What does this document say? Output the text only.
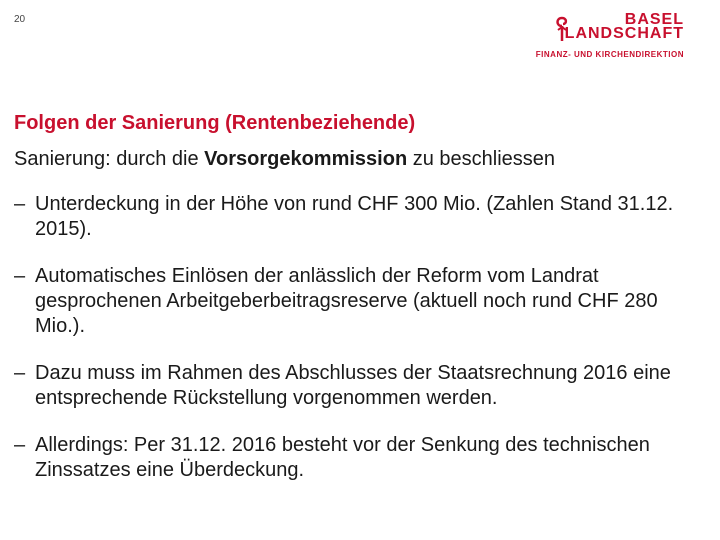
20	BASEL
LANDSCHAFT
FINANZ- UND KIRCHENDIREKTION
Folgen der Sanierung (Rentenbeziehende)
Sanierung: durch die Vorsorgekommission zu beschliessen
– Unterdeckung in der Höhe von rund CHF 300 Mio. (Zahlen Stand 31.12. 2015).
– Automatisches Einlösen der anlässlich der Reform vom Landrat gesprochenen Arbeitgeberbeitragsreserve (aktuell noch rund CHF 280 Mio.).
– Dazu muss im Rahmen des Abschlusses der Staatsrechnung 2016 eine entsprechende Rückstellung vorgenommen werden.
– Allerdings: Per 31.12. 2016 besteht vor der Senkung des technischen Zinssatzes eine Überdeckung.
